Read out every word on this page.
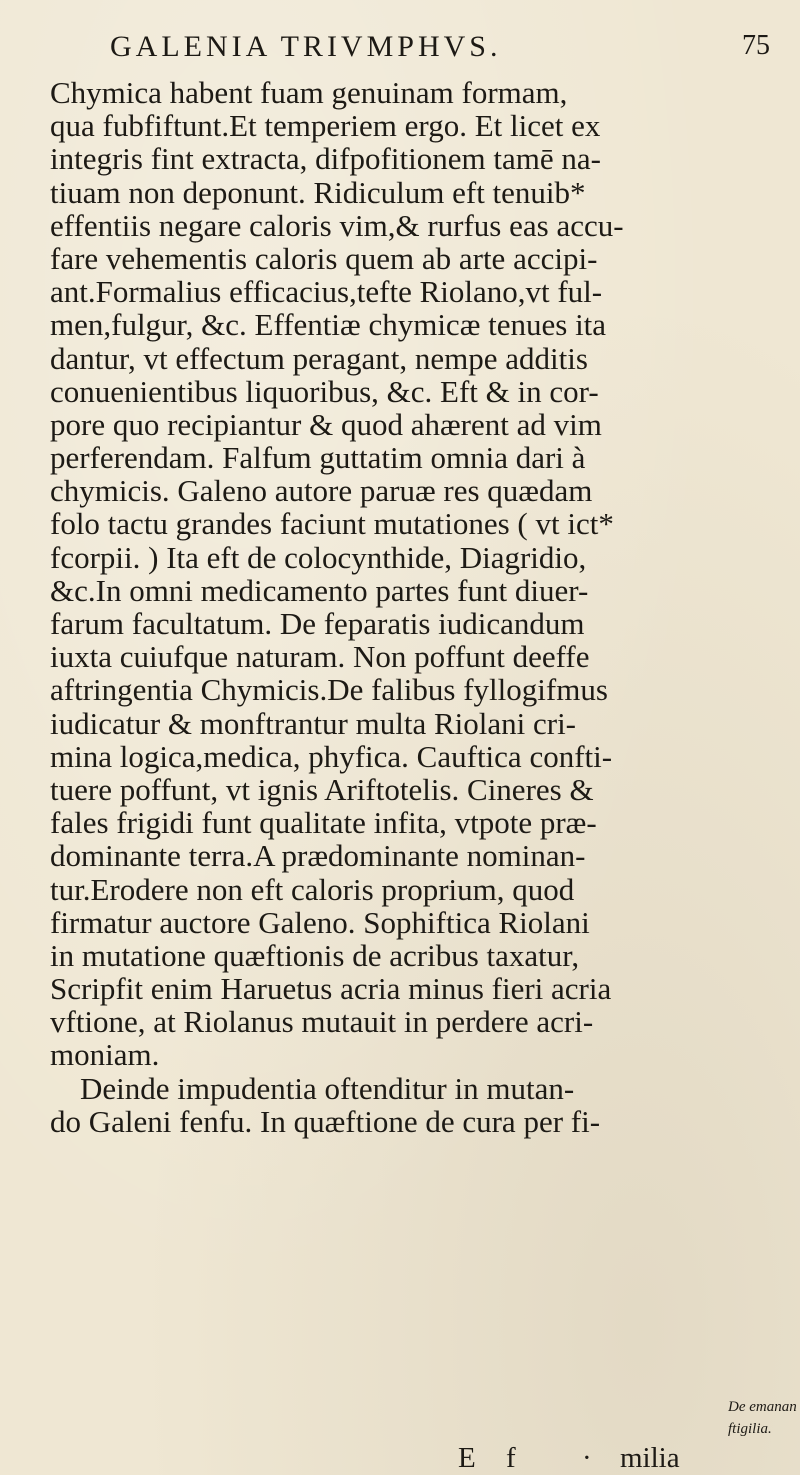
GALENIA TRIVMPHVS.	75
Chymica habent fuam genuinam formam,
qua fubfiftunt.Et temperiem ergo. Et licet ex
integris fint extracta, difpofitionem tamē na-
tiuam non deponunt. Ridiculum eft tenuib*
effentiis negare caloris vim,& rurfus eas accu-
fare vehementis caloris quem ab arte accipi-
ant.Formalius efficacius,tefte Riolano,vt ful-
men,fulgur, &c. Effentiæ chymicæ tenues ita
dantur, vt effectum peragant, nempe additis
conuenientibus liquoribus, &c. Eft & in cor-
pore quo recipiantur & quod ahærent ad vim
perferendam. Falfum guttatim omnia dari à
chymicis. Galeno autore paruæ res quædam
folo tactu grandes faciunt mutationes ( vt ict*
fcorpii. ) Ita eft de colocynthide, Diagridio,
&c.In omni medicamento partes funt diuer-
farum facultatum. De feparatis iudicandum
iuxta cuiufque naturam. Non poffunt deeffe
aftringentia Chymicis.De falibus fyllogifmus
iudicatur & monftrantur multa Riolani cri-
mina logica,medica, phyfica. Cauftica confti-
tuere poffunt, vt ignis Ariftotelis. Cineres &
fales frigidi funt qualitate infita, vtpote præ-
dominante terra.A prædominante nominan-
tur.Erodere non eft caloris proprium, quod
firmatur auctore Galeno. Sophiftica Riolani
in mutatione quæftionis de acribus taxatur,
Scripfit enim Haruetus acria minus fieri acria
vftione, at Riolanus mutauit in perdere acri-
moniam.
Deinde impudentia oftenditur in mutan-
do Galeni fenfu. In quæftione de cura per fi-
De emanan
ftigilia.
E f · milia
